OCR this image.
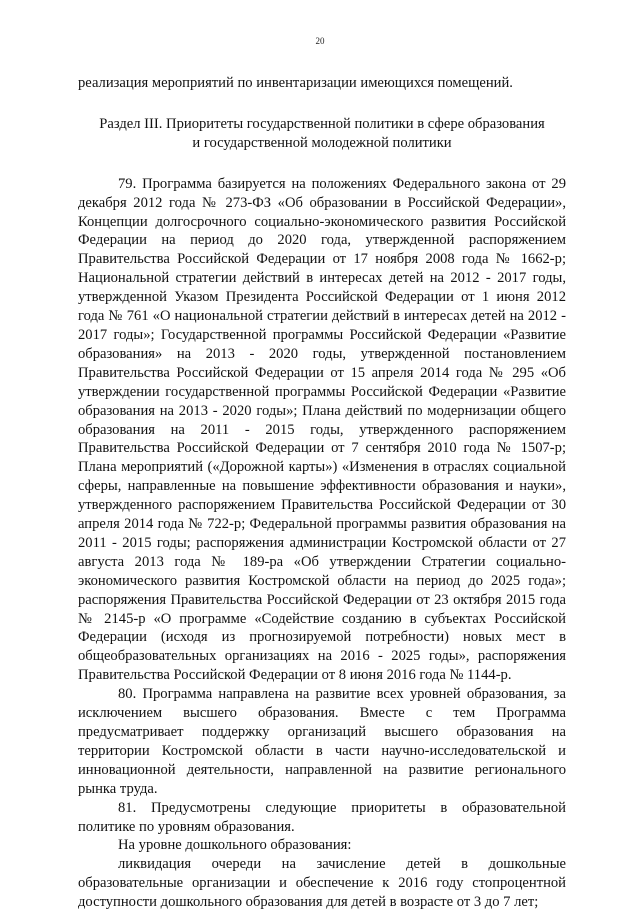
20

реализация мероприятий по инвентаризации имеющихся помещений.

Раздел III. Приоритеты государственной политики в сфере образования
и государственной молодежной политики

79. Программа базируется на положениях Федерального закона от 29 декабря 2012 года № 273-ФЗ «Об образовании в Российской Федерации», Концепции долгосрочного социально-экономического развития Российской Федерации на период до 2020 года, утвержденной распоряжением Правительства Российской Федерации от 17 ноября 2008 года № 1662-р; Национальной стратегии действий в интересах детей на 2012 - 2017 годы, утвержденной Указом Президента Российской Федерации от 1 июня 2012 года № 761 «О национальной стратегии действий в интересах детей на 2012 - 2017 годы»; Государственной программы Российской Федерации «Развитие образования» на 2013 - 2020 годы, утвержденной постановлением Правительства Российской Федерации от 15 апреля 2014 года № 295 «Об утверждении государственной программы Российской Федерации «Развитие образования на 2013 - 2020 годы»; Плана действий по модернизации общего образования на 2011 - 2015 годы, утвержденного распоряжением Правительства Российской Федерации от 7 сентября 2010 года № 1507-р; Плана мероприятий («Дорожной карты») «Изменения в отраслях социальной сферы, направленные на повышение эффективности образования и науки», утвержденного распоряжением Правительства Российской Федерации от 30 апреля 2014 года № 722-р; Федеральной программы развития образования на 2011 - 2015 годы; распоряжения администрации Костромской области от 27 августа 2013 года № 189-ра «Об утверждении Стратегии социально-экономического развития Костромской области на период до 2025 года»; распоряжения Правительства Российской Федерации от 23 октября 2015 года № 2145-р «О программе «Содействие созданию в субъектах Российской Федерации (исходя из прогнозируемой потребности) новых мест в общеобразовательных организациях на 2016 - 2025 годы», распоряжения Правительства Российской Федерации от 8 июня 2016 года № 1144-р.

80. Программа направлена на развитие всех уровней образования, за исключением высшего образования. Вместе с тем Программа предусматривает поддержку организаций высшего образования на территории Костромской области в части научно-исследовательской и инновационной деятельности, направленной на развитие регионального рынка труда.

81. Предусмотрены следующие приоритеты в образовательной политике по уровням образования.

На уровне дошкольного образования:

ликвидация очереди на зачисление детей в дошкольные образовательные организации и обеспечение к 2016 году стопроцентной доступности дошкольного образования для детей в возрасте от 3 до 7 лет;
